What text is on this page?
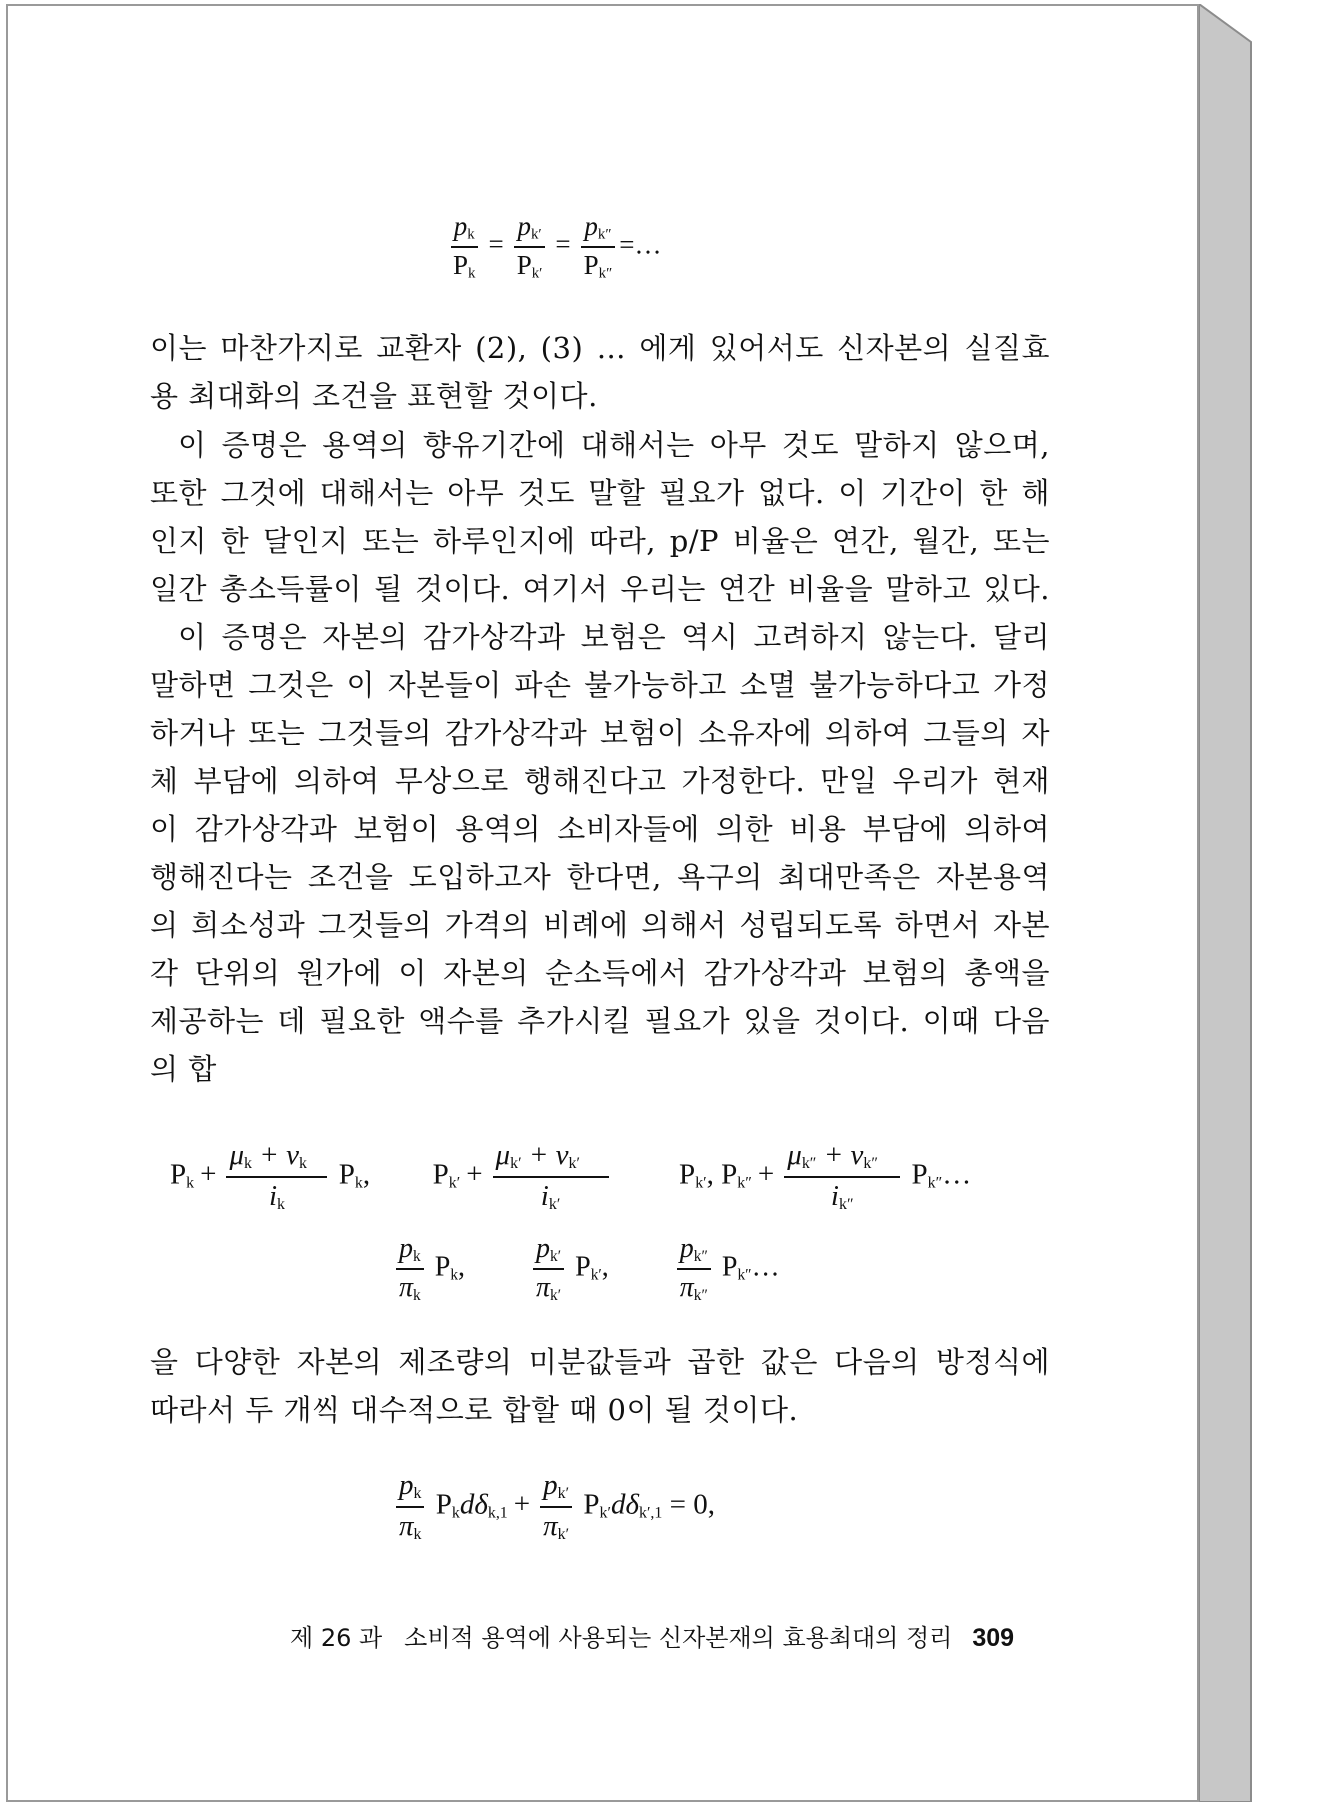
$\frac{p_k}{P_k} = \frac{p_{k'}}{P_{k'}} = \frac{p_{k''}}{P_{k''}}$ =…
이는 마찬가지로 교환자 (2), (3) … 에게 있어서도 신자본의 실질효
용 최대화의 조건을 표현할 것이다.
이 증명은 용역의 향유기간에 대해서는 아무 것도 말하지 않으며,
또한 그것에 대해서는 아무 것도 말할 필요가 없다. 이 기간이 한 해
인지 한 달인지 또는 하루인지에 따라, p/P 비율은 연간, 월간, 또는
일간 총소득률이 될 것이다. 여기서 우리는 연간 비율을 말하고 있다.
이 증명은 자본의 감가상각과 보험은 역시 고려하지 않는다. 달리
말하면 그것은 이 자본들이 파손 불가능하고 소멸 불가능하다고 가정
하거나 또는 그것들의 감가상각과 보험이 소유자에 의하여 그들의 자
체 부담에 의하여 무상으로 행해진다고 가정한다. 만일 우리가 현재
이 감가상각과 보험이 용역의 소비자들에 의한 비용 부담에 의하여
행해진다는 조건을 도입하고자 한다면, 욕구의 최대만족은 자본용역
의 희소성과 그것들의 가격의 비례에 의해서 성립되도록 하면서 자본
각 단위의 원가에 이 자본의 순소득에서 감가상각과 보험의 총액을
제공하는 데 필요한 액수를 추가시킬 필요가 있을 것이다. 이때 다음
의 합
$P_k + \frac{\mu_k + \nu_k}{i_k} P_k$, $P_{k'} + \frac{\mu_{k'} + \nu_{k'}}{i_{k'}} P_{k'}$, $P_{k''} + \frac{\mu_{k''} + \nu_{k''}}{i_{k''}}$ $P_{k''}\dots$
$\frac{p_k}{\pi_k} P_k$, $\frac{p_{k'}}{\pi_{k'}} P_{k'}$, $\frac{p_{k''}}{\pi_{k''}}$ $P_{k''}\dots$
을 다양한 자본의 제조량의 미분값들과 곱한 값은 다음의 방정식에
따라서 두 개씩 대수적으로 합할 때 0이 될 것이다.
$\frac{p_k}{\pi_k} P_kd\delta_{k,1} + \frac{p_{k'}}{\pi_{k'}} P_{k'}d\delta_{k',1} = 0$,
제 26 과 소비적 용역에 사용되는 신자본재의 효용최대의 정리 309
